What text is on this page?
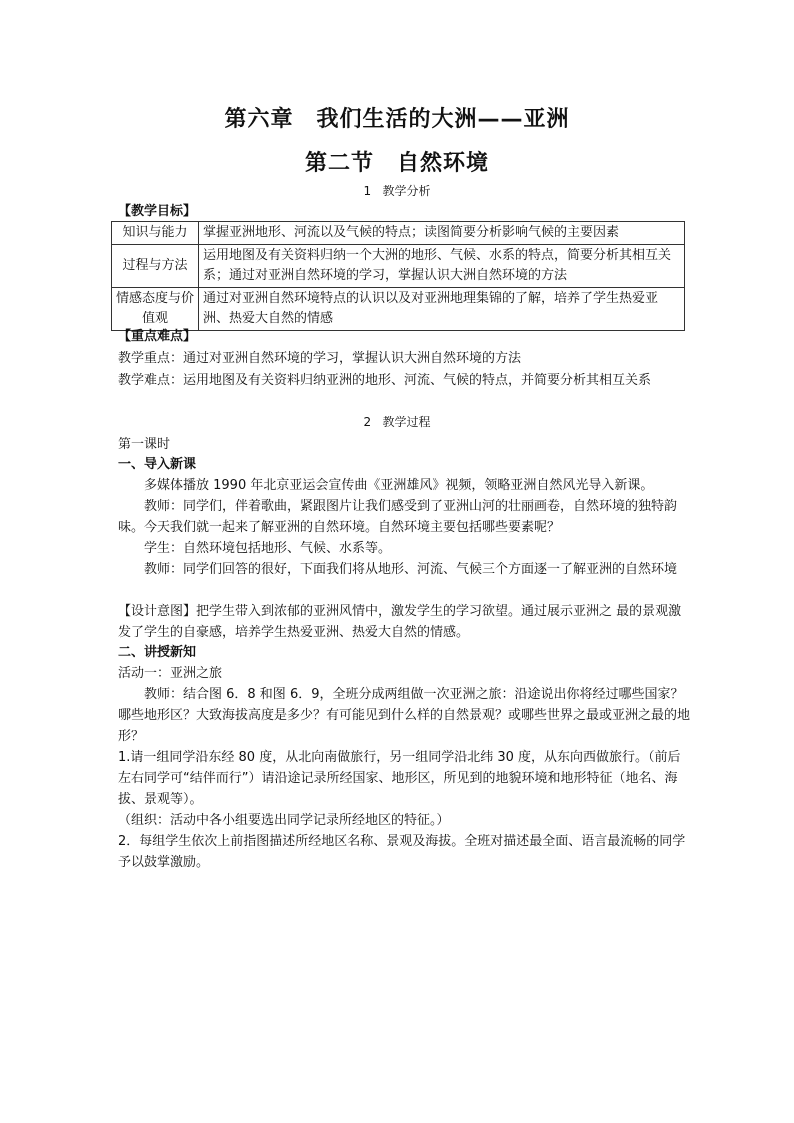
第六章　我们生活的大洲——亚洲
第二节　自然环境
1 教学分析
【教学目标】
知识与能力	掌握亚洲地形、河流以及气候的特点；读图简要分析影响气候的主要因素
过程与方法	运用地图及有关资料归纳一个大洲的地形、气候、水系的特点，简要分析其相互关系；通过对亚洲自然环境的学习，掌握认识大洲自然环境的方法
情感态度与价值观	通过对亚洲自然环境特点的认识以及对亚洲地理集锦的了解，培养了学生热爱亚洲、热爱大自然的情感
【重点难点】
教学重点：通过对亚洲自然环境的学习，掌握认识大洲自然环境的方法
教学难点：运用地图及有关资料归纳亚洲的地形、河流、气候的特点，并简要分析其相互关系
2 教学过程
第一课时
一、导入新课
多媒体播放 1990 年北京亚运会宣传曲《亚洲雄风》视频，领略亚洲自然风光导入新课。
教师：同学们，伴着歌曲，紧跟图片让我们感受到了亚洲山河的壮丽画卷，自然环境的独特韵味。今天我们就一起来了解亚洲的自然环境。自然环境主要包括哪些要素呢？
学生：自然环境包括地形、气候、水系等。
教师：同学们回答的很好，下面我们将从地形、河流、气候三个方面逐一了解亚洲的自然环境
【设计意图】把学生带入到浓郁的亚洲风情中，激发学生的学习欲望。通过展示亚洲之 最的景观激发了学生的自豪感，培养学生热爱亚洲、热爱大自然的情感。
二、讲授新知
活动一：亚洲之旅
教师：结合图 6．8 和图 6．9，全班分成两组做一次亚洲之旅：沿途说出你将经过哪些国家？哪些地形区？大致海拔高度是多少？有可能见到什么样的自然景观？或哪些世界之最或亚洲之最的地形？
1.请一组同学沿东经 80 度，从北向南做旅行，另一组同学沿北纬 30 度，从东向西做旅行。（前后左右同学可“结伴而行”）请沿途记录所经国家、地形区，所见到的地貌环境和地形特征（地名、海拔、景观等）。
（组织：活动中各小组要选出同学记录所经地区的特征。）
2．每组学生依次上前指图描述所经地区名称、景观及海拔。全班对描述最全面、语言最流畅的同学予以鼓掌激励。
